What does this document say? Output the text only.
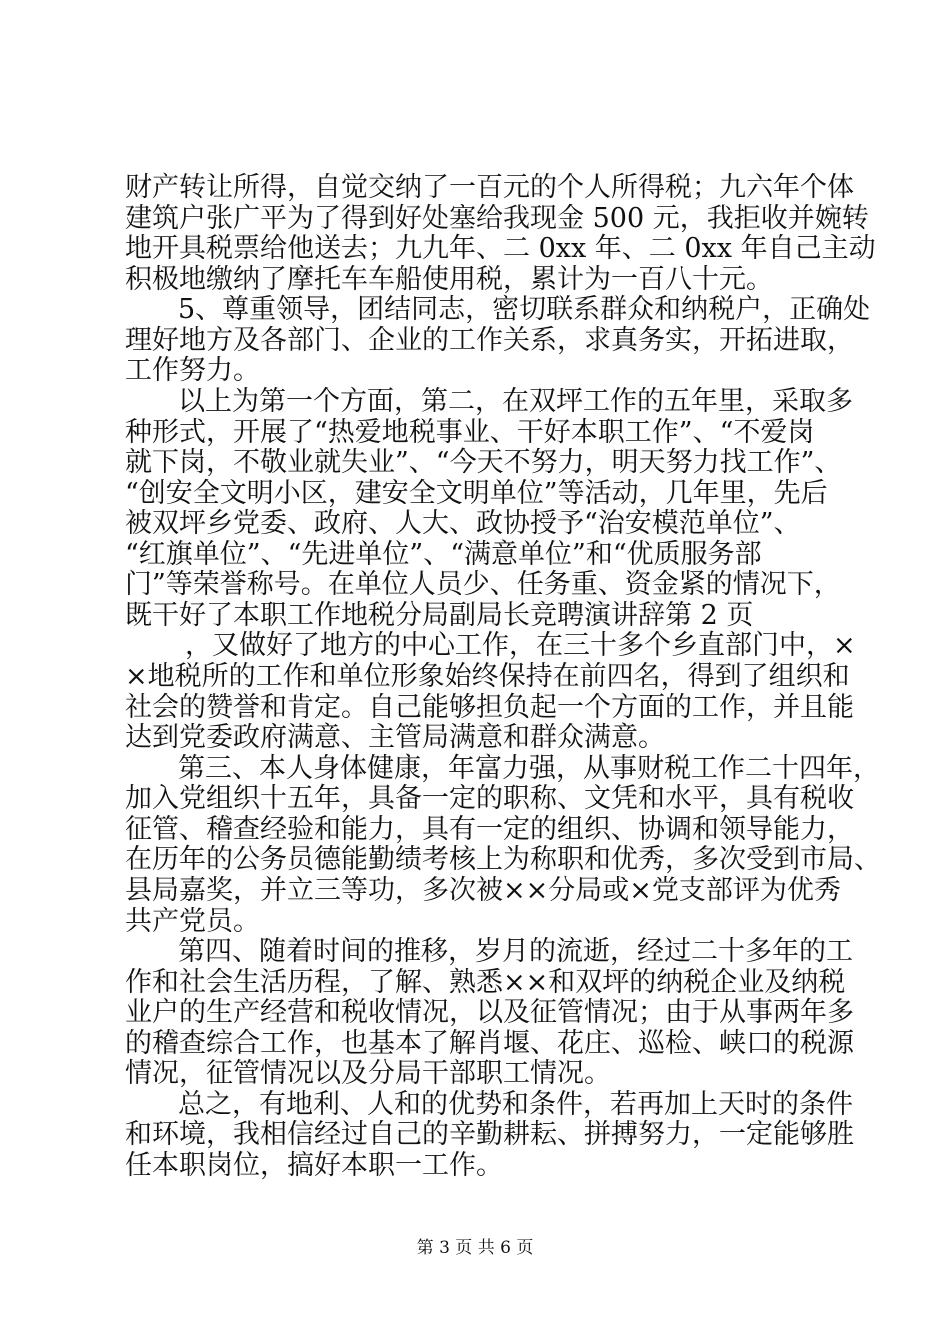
财产转让所得，自觉交纳了一百元的个人所得税；九六年个体
建筑户张广平为了得到好处塞给我现金 500 元，我拒收并婉转
地开具税票给他送去；九九年、二 0xx 年、二 0xx 年自己主动
积极地缴纳了摩托车车船使用税，累计为一百八十元。
5、尊重领导，团结同志，密切联系群众和纳税户，正确处
理好地方及各部门、企业的工作关系，求真务实，开拓进取，
工作努力。
以上为第一个方面，第二，在双坪工作的五年里，采取多
种形式，开展了“热爱地税事业、干好本职工作”、“不爱岗
就下岗，不敬业就失业”、“今天不努力，明天努力找工作”、
“创安全文明小区，建安全文明单位”等活动，几年里，先后
被双坪乡党委、政府、人大、政协授予“治安模范单位”、
“红旗单位”、“先进单位”、“满意单位”和“优质服务部
门”等荣誉称号。在单位人员少、任务重、资金紧的情况下，
既干好了本职工作地税分局副局长竞聘演讲辞第 2 页
，又做好了地方的中心工作，在三十多个乡直部门中，×
×地税所的工作和单位形象始终保持在前四名，得到了组织和
社会的赞誉和肯定。自己能够担负起一个方面的工作，并且能
达到党委政府满意、主管局满意和群众满意。
第三、本人身体健康，年富力强，从事财税工作二十四年，
加入党组织十五年，具备一定的职称、文凭和水平，具有税收
征管、稽查经验和能力，具有一定的组织、协调和领导能力，
在历年的公务员德能勤绩考核上为称职和优秀，多次受到市局、
县局嘉奖，并立三等功，多次被××分局或×党支部评为优秀
共产党员。
第四、随着时间的推移，岁月的流逝，经过二十多年的工
作和社会生活历程，了解、熟悉××和双坪的纳税企业及纳税
业户的生产经营和税收情况，以及征管情况；由于从事两年多
的稽查综合工作，也基本了解肖堰、花庄、巡检、峡口的税源
情况，征管情况以及分局干部职工情况。
总之，有地利、人和的优势和条件，若再加上天时的条件
和环境，我相信经过自己的辛勤耕耘、拼搏努力，一定能够胜
任本职岗位，搞好本职一工作。
第 3 页 共 6 页
